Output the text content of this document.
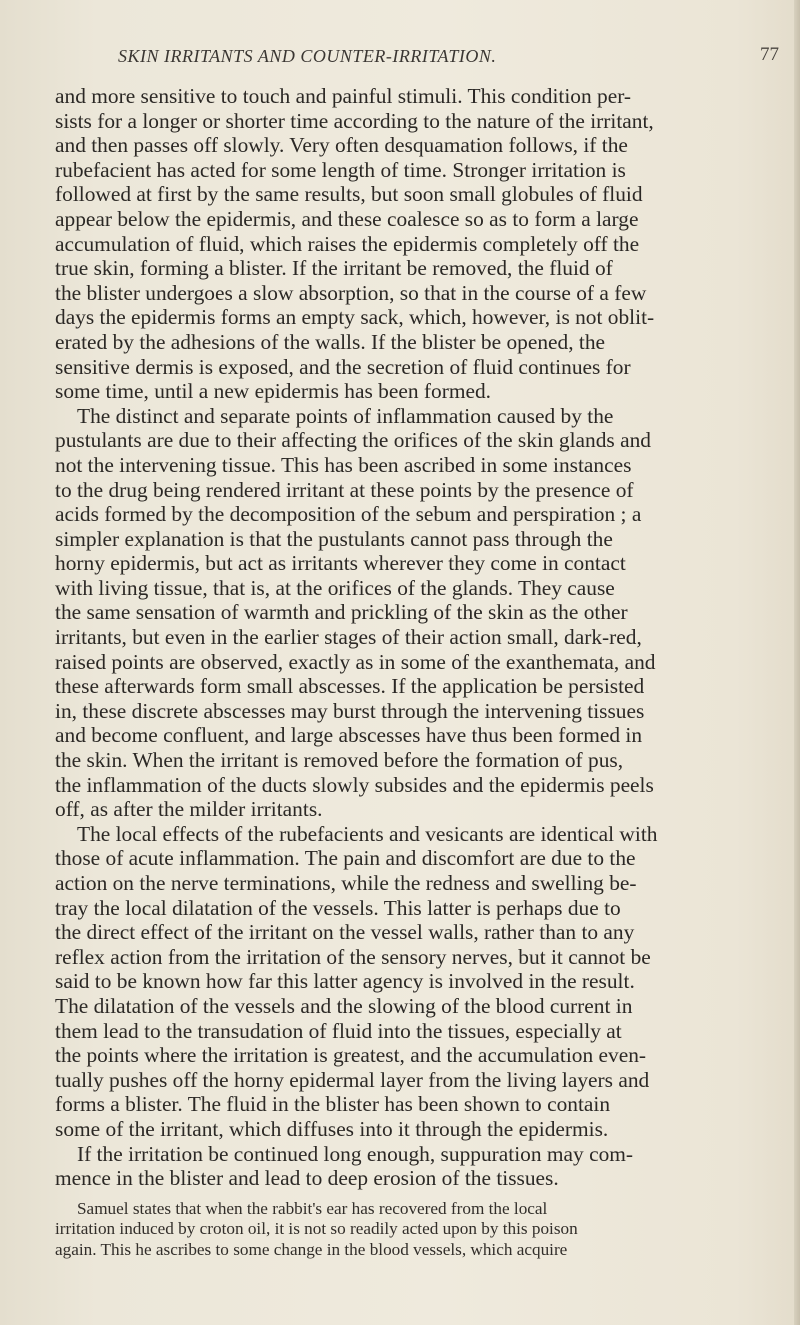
SKIN IRRITANTS AND COUNTER-IRRITATION.	77
and more sensitive to touch and painful stimuli. This condition per-
sists for a longer or shorter time according to the nature of the irritant,
and then passes off slowly. Very often desquamation follows, if the
rubefacient has acted for some length of time. Stronger irritation is
followed at first by the same results, but soon small globules of fluid
appear below the epidermis, and these coalesce so as to form a large
accumulation of fluid, which raises the epidermis completely off the
true skin, forming a blister. If the irritant be removed, the fluid of
the blister undergoes a slow absorption, so that in the course of a few
days the epidermis forms an empty sack, which, however, is not oblit-
erated by the adhesions of the walls. If the blister be opened, the
sensitive dermis is exposed, and the secretion of fluid continues for
some time, until a new epidermis has been formed.
The distinct and separate points of inflammation caused by the
pustulants are due to their affecting the orifices of the skin glands and
not the intervening tissue. This has been ascribed in some instances
to the drug being rendered irritant at these points by the presence of
acids formed by the decomposition of the sebum and perspiration ; a
simpler explanation is that the pustulants cannot pass through the
horny epidermis, but act as irritants wherever they come in contact
with living tissue, that is, at the orifices of the glands. They cause
the same sensation of warmth and prickling of the skin as the other
irritants, but even in the earlier stages of their action small, dark-red,
raised points are observed, exactly as in some of the exanthemata, and
these afterwards form small abscesses. If the application be persisted
in, these discrete abscesses may burst through the intervening tissues
and become confluent, and large abscesses have thus been formed in
the skin. When the irritant is removed before the formation of pus,
the inflammation of the ducts slowly subsides and the epidermis peels
off, as after the milder irritants.
The local effects of the rubefacients and vesicants are identical with
those of acute inflammation. The pain and discomfort are due to the
action on the nerve terminations, while the redness and swelling be-
tray the local dilatation of the vessels. This latter is perhaps due to
the direct effect of the irritant on the vessel walls, rather than to any
reflex action from the irritation of the sensory nerves, but it cannot be
said to be known how far this latter agency is involved in the result.
The dilatation of the vessels and the slowing of the blood current in
them lead to the transudation of fluid into the tissues, especially at
the points where the irritation is greatest, and the accumulation even-
tually pushes off the horny epidermal layer from the living layers and
forms a blister. The fluid in the blister has been shown to contain
some of the irritant, which diffuses into it through the epidermis.
If the irritation be continued long enough, suppuration may com-
mence in the blister and lead to deep erosion of the tissues.
Samuel states that when the rabbit's ear has recovered from the local
irritation induced by croton oil, it is not so readily acted upon by this poison
again. This he ascribes to some change in the blood vessels, which acquire
